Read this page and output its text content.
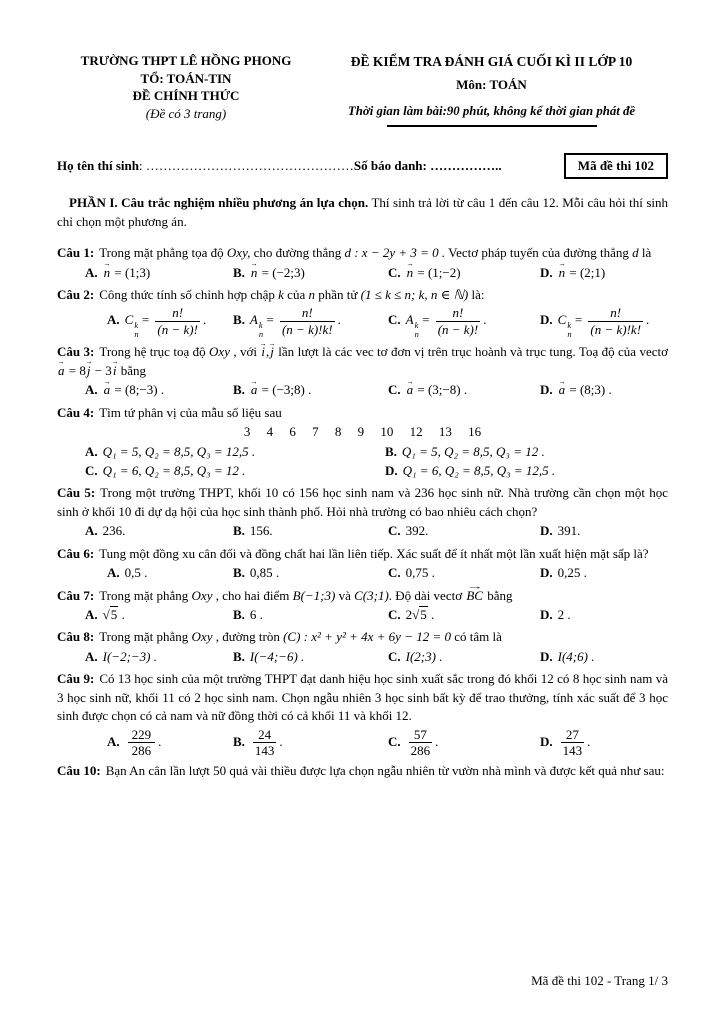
TRƯỜNG THPT LÊ HỒNG PHONG
TỔ: TOÁN-TIN
ĐỀ CHÍNH THỨC
(Đề có 3 trang)
ĐỀ KIỂM TRA ĐÁNH GIÁ CUỐI KÌ II LỚP 10
Môn: TOÁN
Thời gian làm bài:90 phút, không kể thời gian phát đề
Họ tên thí sinh: …………………………………………Số báo danh: ……………..	Mã đề thi 102

PHẦN I. Câu trắc nghiệm nhiều phương án lựa chọn. Thí sinh trả lời từ câu 1 đến câu 12. Mỗi câu hỏi thí sinh chỉ chọn một phương án.

Câu 1: Trong mặt phẳng tọa độ Oxy, cho đường thẳng d : x − 2y + 3 = 0 . Vectơ pháp tuyến của đường thẳng d là

A. → n = (1;3)	B. → n = (−2;3)	C. → n = (1;−2)	D. → n = (2;1)

Câu 2: Công thức tính số chỉnh hợp chập k của n phần tử (1 ≤ k ≤ n; k, n ∈ ℕ) là:

A. C k
n
= $\frac{n!}{(n - k)!}$ .	B. A k
n
= $\frac{n!}{(n - k)!k!}$ .	C. A k
n
= $\frac{n!}{(n - k)!}$ .	D. C k
n
= $\frac{n!}{(n - k)!k!}$ .

Câu 3: Trong hệ trục toạ độ Oxy , với → i,→ j lần lượt là các vec tơ đơn vị trên trục hoành và trục tung. Toạ độ của vectơ → a = 8→ j − 3→ i bằng

A. → a = (8;−3) .	B. → a = (−3;8) .	C. → a = (3;−8) .	D. → a = (8;3) .

Câu 4: Tìm tứ phân vị của mẫu số liệu sau

3 4 6 7 8 9 10 12 13 16
A. Q₁ = 5, Q₂ = 8,5, Q₃ = 12,5 .	B. Q₁ = 5, Q₂ = 8,5, Q₃ = 12 .
C. Q₁ = 6, Q₂ = 8,5, Q₃ = 12 .	D. Q₁ = 6, Q₂ = 8,5, Q₃ = 12,5 .

Câu 5: Trong một trường THPT, khối 10 có 156 học sinh nam và 236 học sinh nữ. Nhà trường cần chọn một học sinh ở khối 10 đi dự dạ hội của học sinh thành phố. Hỏi nhà trường có bao nhiêu cách chọn?

A. 236.	B. 156.	C. 392.	D. 391.

Câu 6: Tung một đồng xu cân đối và đồng chất hai lần liên tiếp. Xác suất để ít nhất một lần xuất hiện mặt sấp là?

A. 0,5 .	B. 0,85 .	C. 0,75 .	D. 0,25 .

Câu 7: Trong mặt phẳng Oxy , cho hai điểm B(−1;3) và C(3;1). Độ dài vectơ → BC bằng

A. √5 .	B. 6 .	C. 2√5 .	D. 2 .

Câu 8: Trong mặt phẳng Oxy , đường tròn (C) : x² + y² + 4x + 6y − 12 = 0 có tâm là

A. I(−2;−3) .	B. I(−4;−6) .	C. I(2;3) .	D. I(4;6) .

Câu 9: Có 13 học sinh của một trường THPT đạt danh hiệu học sinh xuất sắc trong đó khối 12 có 8 học sinh nam và 3 học sinh nữ, khối 11 có 2 học sinh nam. Chọn ngẫu nhiên 3 học sinh bất kỳ để trao thưởng, tính xác suất để 3 học sinh được chọn có cả nam và nữ đồng thời có cả khối 11 và khối 12.

A. $\frac{229}{286}$ .	B. $\frac{24}{143}$ .	C. $\frac{57}{286}$ .	D. $\frac{27}{143}$ .

Câu 10: Bạn An cân lần lượt 50 quả vài thiều được lựa chọn ngẫu nhiên từ vườn nhà mình và được kết quả như sau:

Mã đề thi 102 - Trang 1/ 3
